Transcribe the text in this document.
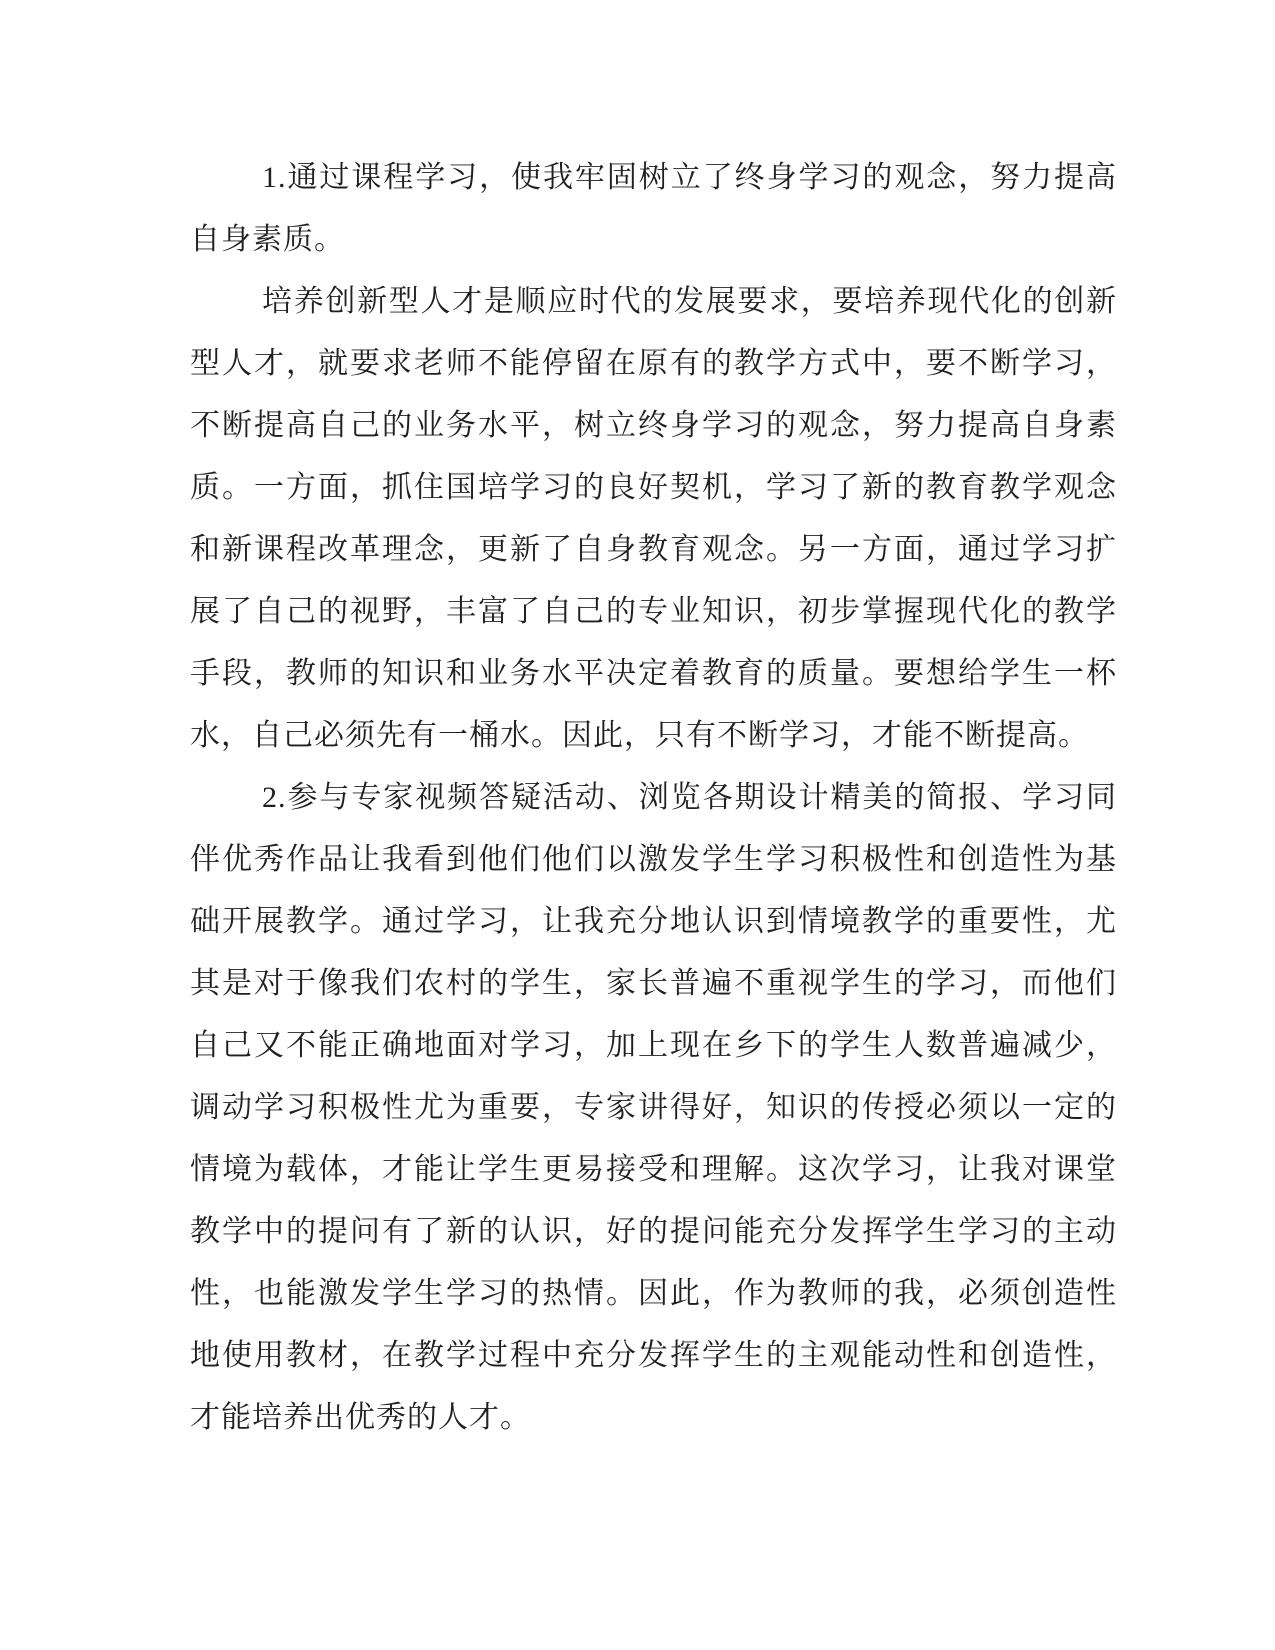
1.通过课程学习，使我牢固树立了终身学习的观念，努力提高自身素质。

培养创新型人才是顺应时代的发展要求，要培养现代化的创新型人才，就要求老师不能停留在原有的教学方式中，要不断学习，不断提高自己的业务水平，树立终身学习的观念，努力提高自身素质。一方面，抓住国培学习的良好契机，学习了新的教育教学观念和新课程改革理念，更新了自身教育观念。另一方面，通过学习扩展了自己的视野，丰富了自己的专业知识，初步掌握现代化的教学手段，教师的知识和业务水平决定着教育的质量。要想给学生一杯水，自己必须先有一桶水。因此，只有不断学习，才能不断提高。

2.参与专家视频答疑活动、浏览各期设计精美的简报、学习同伴优秀作品让我看到他们他们以激发学生学习积极性和创造性为基础开展教学。通过学习，让我充分地认识到情境教学的重要性，尤其是对于像我们农村的学生，家长普遍不重视学生的学习，而他们自己又不能正确地面对学习，加上现在乡下的学生人数普遍减少，调动学习积极性尤为重要，专家讲得好，知识的传授必须以一定的情境为载体，才能让学生更易接受和理解。这次学习，让我对课堂教学中的提问有了新的认识，好的提问能充分发挥学生学习的主动性，也能激发学生学习的热情。因此，作为教师的我，必须创造性地使用教材，在教学过程中充分发挥学生的主观能动性和创造性，才能培养出优秀的人才。
